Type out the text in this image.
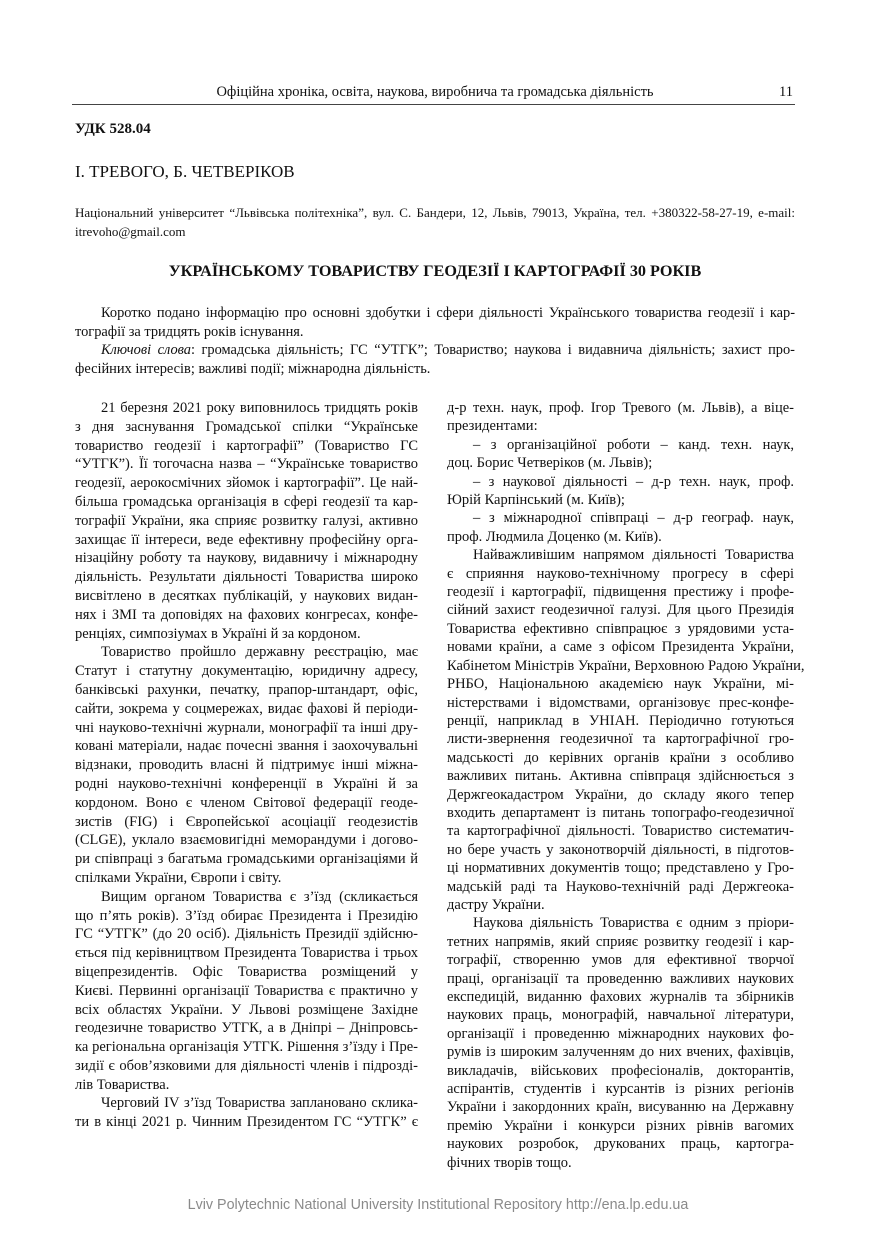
Офіційна хроніка, освіта, наукова, виробнича та громадська діяльність	11
УДК 528.04
І. ТРЕВОГО, Б. ЧЕТВЕРІКОВ
Національний університет “Львівська політехніка”, вул. С. Бандери, 12, Львів, 79013, Україна, тел. +380322-58-27-19, e-mail:
itrevoho@gmail.com
УКРАЇНСЬКОМУ ТОВАРИСТВУ ГЕОДЕЗІЇ І КАРТОГРАФІЇ 30 РОКІВ
Коротко подано інформацію про основні здобутки і сфери діяльності Українського товариства геодезії і кар-
тографії за тридцять років існування.
Ключові слова: громадська діяльність; ГС “УТГК”; Товариство; наукова і видавнича діяльність; захист про-
фесійних інтересів; важливі події; міжнародна діяльність.
21 березня 2021 року виповнилось тридцять років
з дня заснування Громадської спілки “Українське
товариство геодезії і картографії” (Товариство ГС
“УТГК”). Її тогочасна назва – “Українське товариство
геодезії, аерокосмічних зйомок і картографії”. Це най-
більша громадська організація в сфері геодезії та кар-
тографії України, яка сприяє розвитку галузі, активно
захищає її інтереси, веде ефективну професійну орга-
нізаційну роботу та наукову, видавничу і міжнародну
діяльність. Результати діяльності Товариства широко
висвітлено в десятках публікацій, у наукових видан-
нях і ЗМІ та доповідях на фахових конгресах, конфе-
ренціях, симпозіумах в Україні й за кордоном.
Товариство пройшло державну реєстрацію, має
Статут і статутну документацію, юридичну адресу,
банківські рахунки, печатку, прапор-штандарт, офіс,
сайти, зокрема у соцмережах, видає фахові й періоди-
чні науково-технічні журнали, монографії та інші дру-
ковані матеріали, надає почесні звання і заохочувальні
відзнаки, проводить власні й підтримує інші міжна-
родні науково-технічні конференції в Україні й за
кордоном. Воно є членом Світової федерації геоде-
зистів (FIG) і Європейської асоціації геодезистів
(CLGE), уклало взаємовигідні меморандуми і догово-
ри співпраці з багатьма громадськими організаціями й
спілками України, Європи і світу.
Вищим органом Товариства є з’їзд (скликається
що п’ять років). З’їзд обирає Президента і Президію
ГС “УТГК” (до 20 осіб). Діяльність Президії здійсню-
ється під керівництвом Президента Товариства і трьох
віцепрезидентів. Офіс Товариства розміщений у
Києві. Первинні організації Товариства є практично у
всіх областях України. У Львові розміщене Західне
геодезичне товариство УТГК, а в Дніпрі – Дніпровсь-
ка регіональна організація УТГК. Рішення з’їзду і Пре-
зидії є обов’язковими для діяльності членів і підрозді-
лів Товариства.
Черговий IV з’їзд Товариства заплановано склика-
ти в кінці 2021 р. Чинним Президентом ГС “УТГК” є
д-р техн. наук, проф. Ігор Тревого (м. Львів), а віце-
президентами:
– з організаційної роботи – канд. техн. наук,
доц. Борис Четверіков (м. Львів);
– з наукової діяльності – д-р техн. наук, проф.
Юрій Карпінський (м. Київ);
– з міжнародної співпраці – д-р географ. наук,
проф. Людмила Доценко (м. Київ).
Найважливішим напрямом діяльності Товариства
є сприяння науково-технічному прогресу в сфері
геодезії і картографії, підвищення престижу і профе-
сійний захист геодезичної галузі. Для цього Президія
Товариства ефективно співпрацює з урядовими уста-
новами країни, а саме з офісом Президента України,
Кабінетом Міністрів України, Верховною Радою України,
РНБО, Національною академією наук України, мі-
ністерствами і відомствами, організовує прес-конфе-
ренції, наприклад в УНІАН. Періодично готуються
листи-звернення геодезичної та картографічної гро-
мадськості до керівних органів країни з особливо
важливих питань. Активна співпраця здійснюється з
Держгеокадастром України, до складу якого тепер
входить департамент із питань топографо-геодезичної
та картографічної діяльності. Товариство систематич-
но бере участь у законотворчій діяльності, в підготов-
ці нормативних документів тощо; представлено у Гро-
мадській раді та Науково-технічній раді Держгеока-
дастру України.
Наукова діяльність Товариства є одним з пріори-
тетних напрямів, який сприяє розвитку геодезії і кар-
тографії, створенню умов для ефективної творчої
праці, організації та проведенню важливих наукових
експедицій, виданню фахових журналів та збірників
наукових праць, монографій, навчальної літератури,
організації і проведенню міжнародних наукових фо-
румів із широким залученням до них вчених, фахівців,
викладачів, військових професіоналів, докторантів,
аспірантів, студентів і курсантів із різних регіонів
України і закордонних країн, висуванню на Державну
премію України і конкурси різних рівнів вагомих
наукових розробок, друкованих праць, картогра-
фічних творів тощо.
Lviv Polytechnic National University Institutional Repository http://ena.lp.edu.ua
